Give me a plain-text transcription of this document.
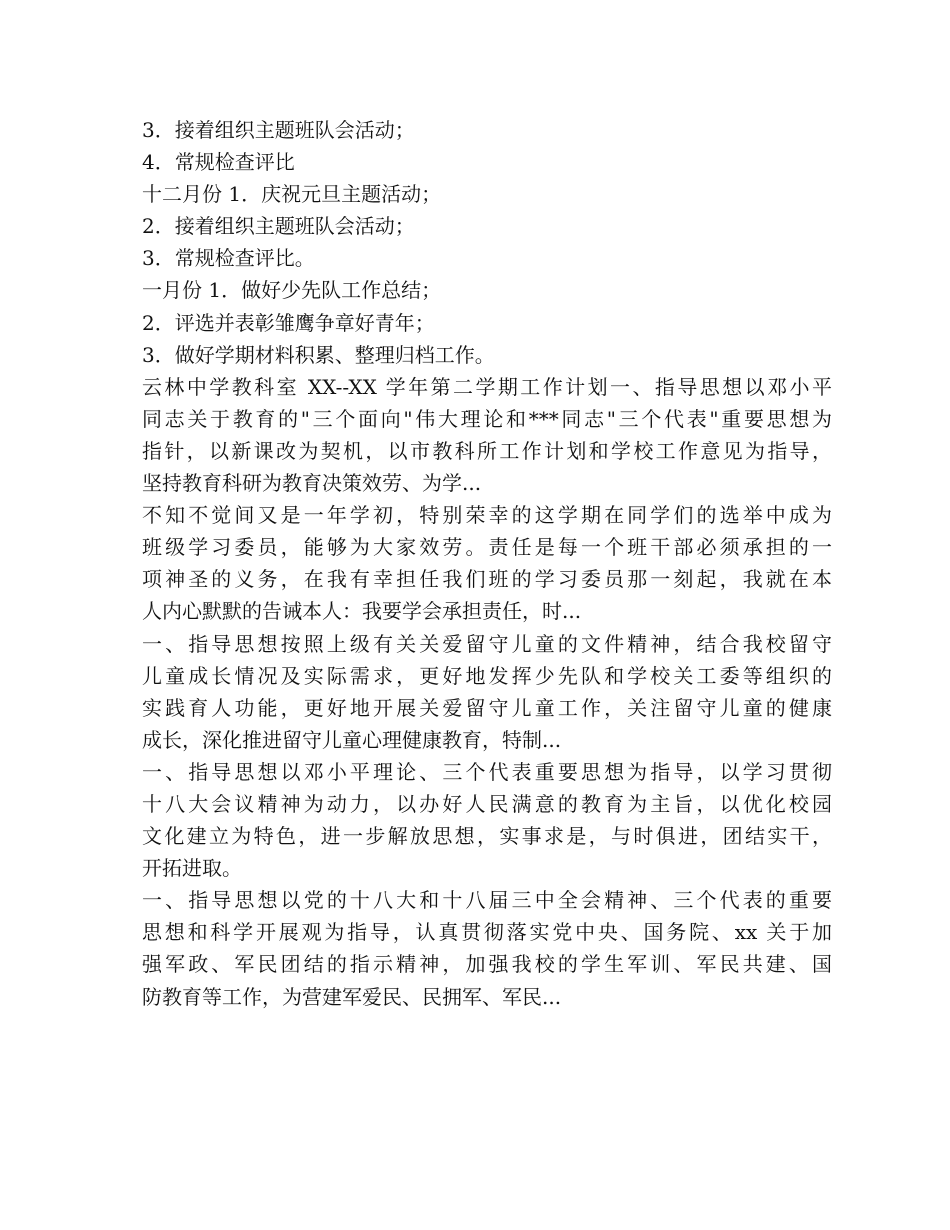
3．接着组织主题班队会活动；
4．常规检查评比
十二月份 1．庆祝元旦主题活动；
2．接着组织主题班队会活动；
3．常规检查评比。
一月份 1．做好少先队工作总结；
2．评选并表彰雏鹰争章好青年；
3．做好学期材料积累、整理归档工作。
云林中学教科室 XX--XX 学年第二学期工作计划一、指导思想以邓小平
同志关于教育的"三个面向"伟大理论和***同志"三个代表"重要思想为
指针，以新课改为契机，以市教科所工作计划和学校工作意见为指导，
坚持教育科研为教育决策效劳、为学...
不知不觉间又是一年学初，特别荣幸的这学期在同学们的选举中成为
班级学习委员，能够为大家效劳。责任是每一个班干部必须承担的一
项神圣的义务，在我有幸担任我们班的学习委员那一刻起，我就在本
人内心默默的告诫本人：我要学会承担责任，时...
一、指导思想按照上级有关关爱留守儿童的文件精神，结合我校留守
儿童成长情况及实际需求，更好地发挥少先队和学校关工委等组织的
实践育人功能，更好地开展关爱留守儿童工作，关注留守儿童的健康
成长，深化推进留守儿童心理健康教育，特制...
一、指导思想以邓小平理论、三个代表重要思想为指导，以学习贯彻
十八大会议精神为动力，以办好人民满意的教育为主旨，以优化校园
文化建立为特色，进一步解放思想，实事求是，与时俱进，团结实干，
开拓进取。
一、指导思想以党的十八大和十八届三中全会精神、三个代表的重要
思想和科学开展观为指导，认真贯彻落实党中央、国务院、xx 关于加
强军政、军民团结的指示精神，加强我校的学生军训、军民共建、国
防教育等工作，为营建军爱民、民拥军、军民...
